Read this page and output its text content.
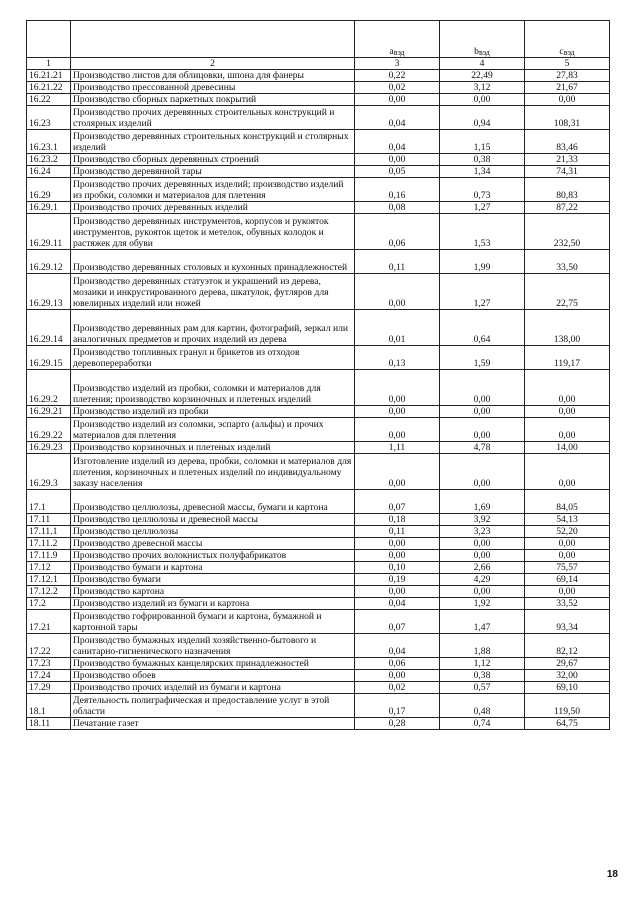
		$a_{вэд}$	$b_{вэд}$	$c_{вэд}$
1	2	3	4	5
16.21.21	Производство листов для облицовки, шпона для фанеры	0,22	22,49	27,83
16.21.22	Производство прессованной древесины	0,02	3,12	21,67
16.22	Производство сборных паркетных покрытий	0,00	0,00	0,00
16.23	Производство прочих деревянных строительных конструкций и столярных изделий	0,04	0,94	108,31
16.23.1	Производство деревянных строительных конструкций и столярных изделий	0,04	1,15	83,46
16.23.2	Производство сборных деревянных строений	0,00	0,38	21,33
16.24	Производство деревянной тары	0,05	1,34	74,31
16.29	Производство прочих деревянных изделий; производство изделий из пробки, соломки и материалов для плетения	0,16	0,73	80,83
16.29.1	Производство прочих деревянных изделий	0,08	1,27	87,22
16.29.11	Производство деревянных инструментов, корпусов и рукояток инструментов, рукояток щеток и метелок, обувных колодок и растяжек для обуви	0,06	1,53	232,50
16.29.12	Производство деревянных столовых и кухонных принадлежностей	0,11	1,99	33,50
16.29.13	Производство деревянных статуэток и украшений из дерева, мозаики и инкрустированного дерева, шкатулок, футляров для ювелирных изделий или ножей	0,00	1,27	22,75
16.29.14	Производство деревянных рам для картин, фотографий, зеркал или аналогичных предметов и прочих изделий из дерева	0,01	0,64	138,00
16.29.15	Производство топливных гранул и брикетов из отходов деревопереработки	0,13	1,59	119,17
16.29.2	Производство изделий из пробки, соломки и материалов для плетения; производство корзиночных и плетеных изделий	0,00	0,00	0,00
16.29.21	Производство изделий из пробки	0,00	0,00	0,00
16.29.22	Производство изделий из соломки, эспарто (альфы) и прочих материалов для плетения	0,00	0,00	0,00
16.29.23	Производство корзиночных и плетеных изделий	1,11	4,78	14,00
16.29.3	Изготовление изделий из дерева, пробки, соломки и материалов для плетения, корзиночных и плетеных изделий по индивидуальному заказу населения	0,00	0,00	0,00
17.1	Производство целлюлозы, древесной массы, бумаги и картона	0,07	1,69	84,05
17.11	Производство целлюлозы и древесной массы	0,18	3,92	54,13
17.11.1	Производство целлюлозы	0,11	3,23	52,20
17.11.2	Производство древесной массы	0,00	0,00	0,00
17.11.9	Производство прочих волокнистых полуфабрикатов	0,00	0,00	0,00
17.12	Производство бумаги и картона	0,10	2,66	75,57
17.12.1	Производство бумаги	0,19	4,29	69,14
17.12.2	Производство картона	0,00	0,00	0,00
17.2	Производство изделий из бумаги и картона	0,04	1,92	33,52
17.21	Производство гофрированной бумаги и картона, бумажной и картонной тары	0,07	1,47	93,34
17.22	Производство бумажных изделий хозяйственно-бытового и санитарно-гигиенического назначения	0,04	1,88	82,12
17.23	Производство бумажных канцелярских принадлежностей	0,06	1,12	29,67
17.24	Производство обоев	0,00	0,38	32,00
17.29	Производство прочих изделий из бумаги и картона	0,02	0,57	69,10
18.1	Деятельность полиграфическая и предоставление услуг в этой области	0,17	0,48	119,50
18.11	Печатание газет	0,28	0,74	64,75
18
